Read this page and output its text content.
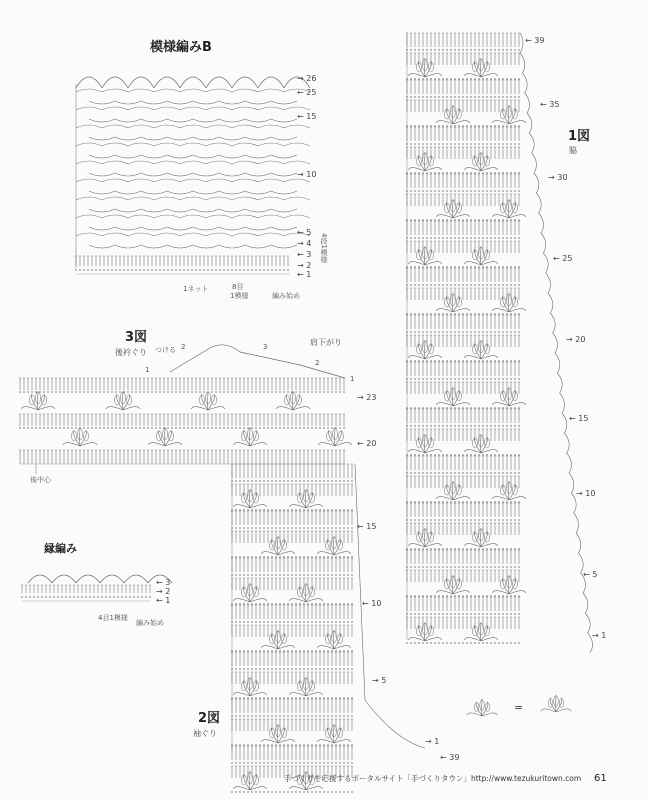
模様編みB
→ 26
← 25
← 15
→ 10
← 5
→ 4
← 3
→ 2
← 1
4段1模様
1ネット	8目
1模様	編み始め
1図
脇
← 39
← 35
→ 30
← 25
→ 20
← 15
→ 10
← 5
→ 1
3図
後衿ぐり つける
肩下がり
後中心
1
2	3
2
1
→ 23
← 20
← 15
← 10
→ 5
→ 1
← 39
2図
袖ぐり
縁編み
← 3
→ 2
← 1
4目1模様
編み始め
=
手づくりを応援するポータルサイト「手づくりタウン」http://www.tezukuritown.com 61
